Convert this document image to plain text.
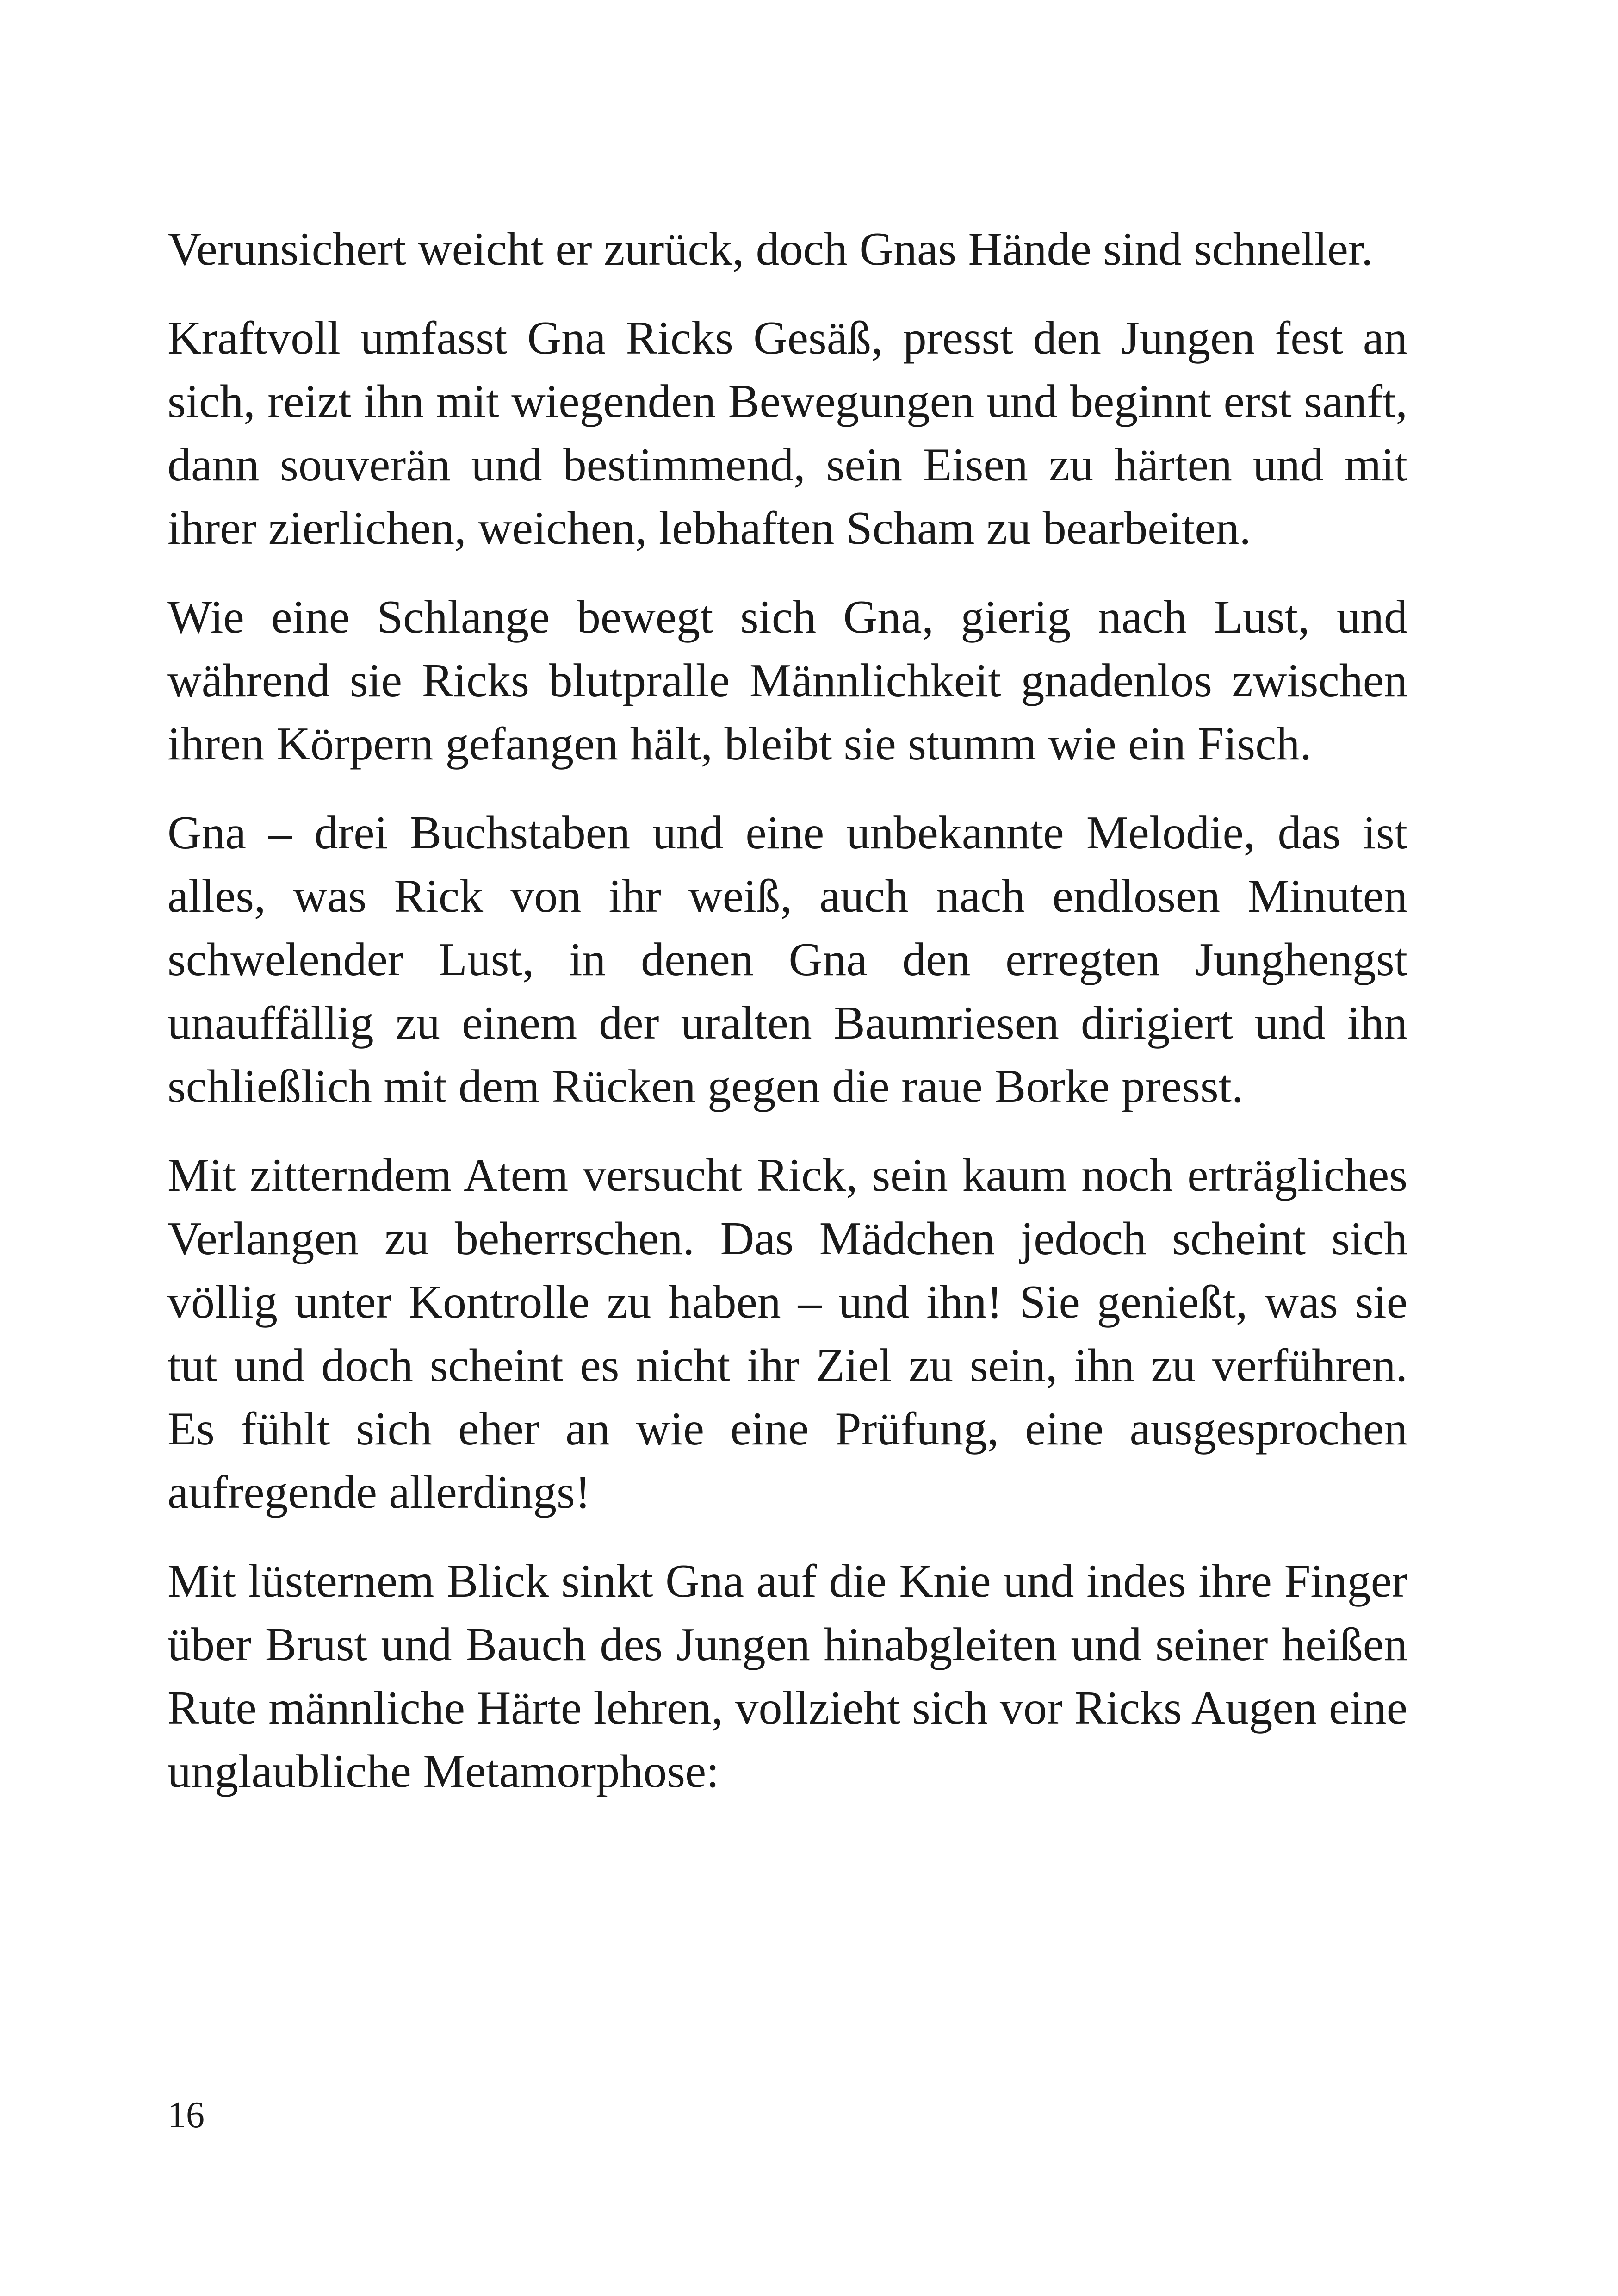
Verunsichert weicht er zurück, doch Gnas Hände sind schneller.

Kraftvoll umfasst Gna Ricks Gesäß, presst den Jungen fest an sich, reizt ihn mit wiegenden Bewegungen und beginnt erst sanft, dann souverän und bestimmend, sein Eisen zu härten und mit ihrer zierlichen, weichen, lebhaften Scham zu bearbeiten.

Wie eine Schlange bewegt sich Gna, gierig nach Lust, und während sie Ricks blutpralle Männlichkeit gnadenlos zwischen ihren Körpern gefangen hält, bleibt sie stumm wie ein Fisch.

Gna – drei Buchstaben und eine unbekannte Melodie, das ist alles, was Rick von ihr weiß, auch nach endlosen Minuten schwelender Lust, in denen Gna den erregten Junghengst unauffällig zu einem der uralten Baumriesen dirigiert und ihn schließlich mit dem Rücken gegen die raue Borke presst.

Mit zitterndem Atem versucht Rick, sein kaum noch erträgliches Verlangen zu beherrschen. Das Mädchen jedoch scheint sich völlig unter Kontrolle zu haben – und ihn! Sie genießt, was sie tut und doch scheint es nicht ihr Ziel zu sein, ihn zu verführen. Es fühlt sich eher an wie eine Prüfung, eine ausgesprochen aufregende allerdings!

Mit lüsternem Blick sinkt Gna auf die Knie und indes ihre Finger über Brust und Bauch des Jungen hinabgleiten und seiner heißen Rute männliche Härte lehren, vollzieht sich vor Ricks Augen eine unglaubliche Metamorphose:

16
